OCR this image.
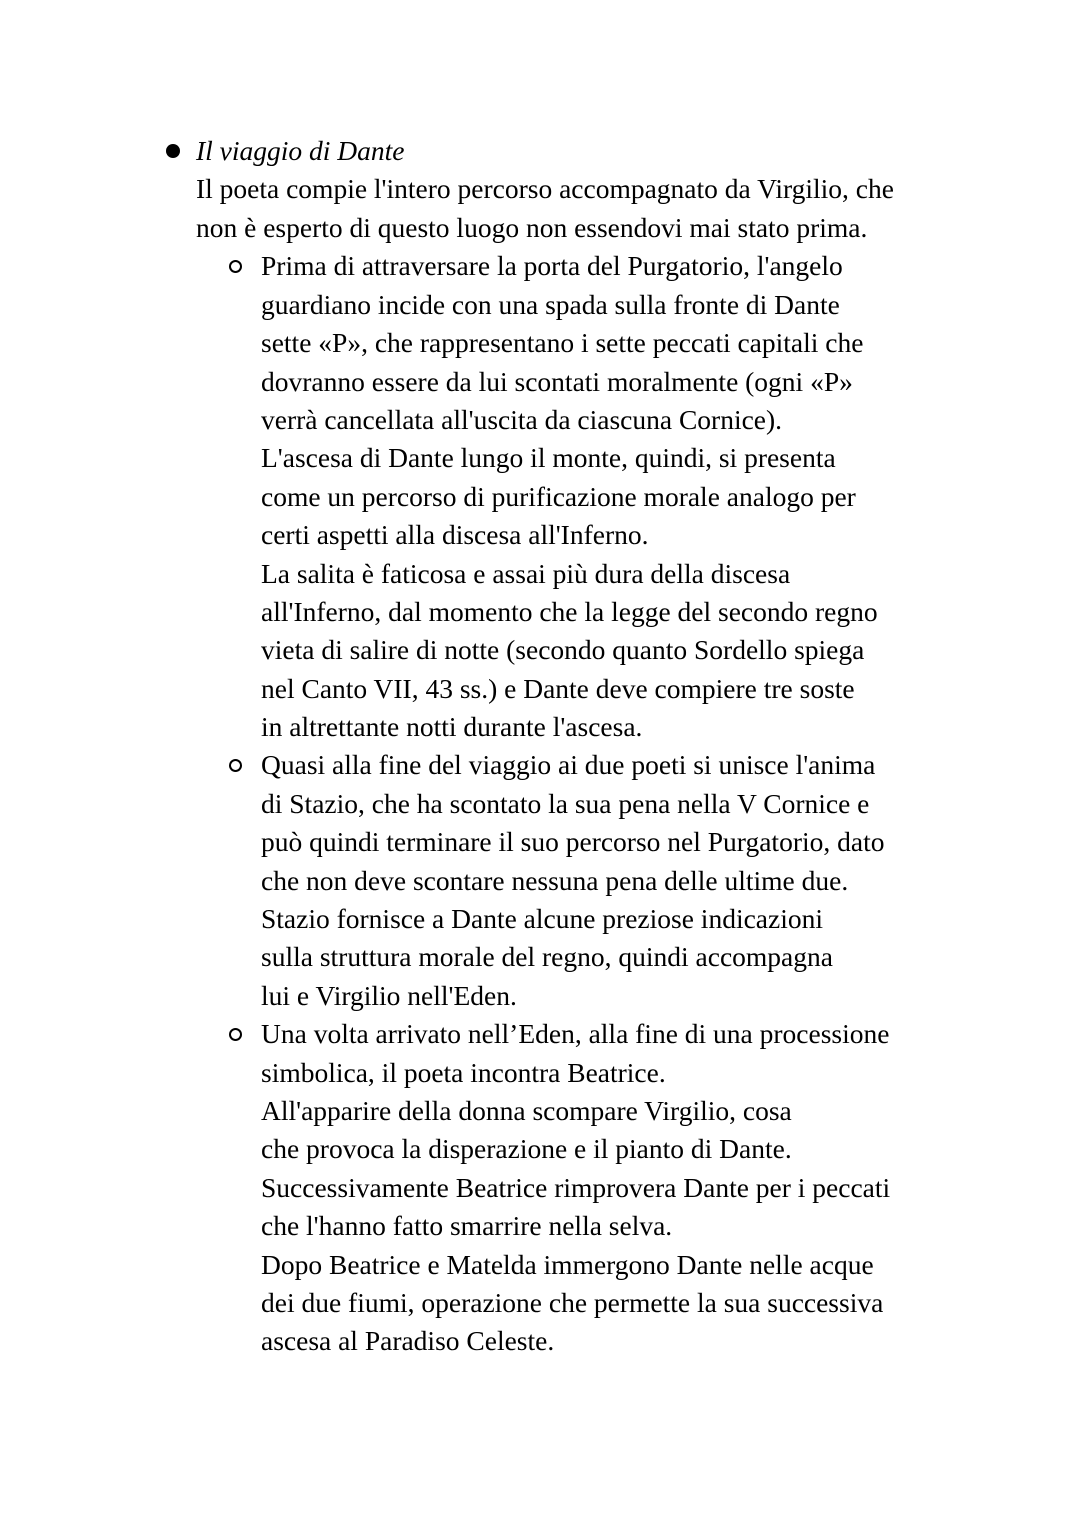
Il viaggio di Dante
Il poeta compie l'intero percorso accompagnato da Virgilio, che
non è esperto di questo luogo non essendovi mai stato prima.
Prima di attraversare la porta del Purgatorio, l'angelo
guardiano incide con una spada sulla fronte di Dante
sette «P», che rappresentano i sette peccati capitali che
dovranno essere da lui scontati moralmente (ogni «P»
verrà cancellata all'uscita da ciascuna Cornice).
L'ascesa di Dante lungo il monte, quindi, si presenta
come un percorso di purificazione morale analogo per
certi aspetti alla discesa all'Inferno.
La salita è faticosa e assai più dura della discesa
all'Inferno, dal momento che la legge del secondo regno
vieta di salire di notte (secondo quanto Sordello spiega
nel Canto VII, 43 ss.) e Dante deve compiere tre soste
in altrettante notti durante l'ascesa.
Quasi alla fine del viaggio ai due poeti si unisce l'anima
di Stazio, che ha scontato la sua pena nella V Cornice e
può quindi terminare il suo percorso nel Purgatorio, dato
che non deve scontare nessuna pena delle ultime due.
Stazio fornisce a Dante alcune preziose indicazioni
sulla struttura morale del regno, quindi accompagna
lui e Virgilio nell'Eden.
Una volta arrivato nell’Eden, alla fine di una processione
simbolica, il poeta incontra Beatrice.
All'apparire della donna scompare Virgilio, cosa
che provoca la disperazione e il pianto di Dante.
Successivamente Beatrice rimprovera Dante per i peccati
che l'hanno fatto smarrire nella selva.
Dopo Beatrice e Matelda immergono Dante nelle acque
dei due fiumi, operazione che permette la sua successiva
ascesa al Paradiso Celeste.
